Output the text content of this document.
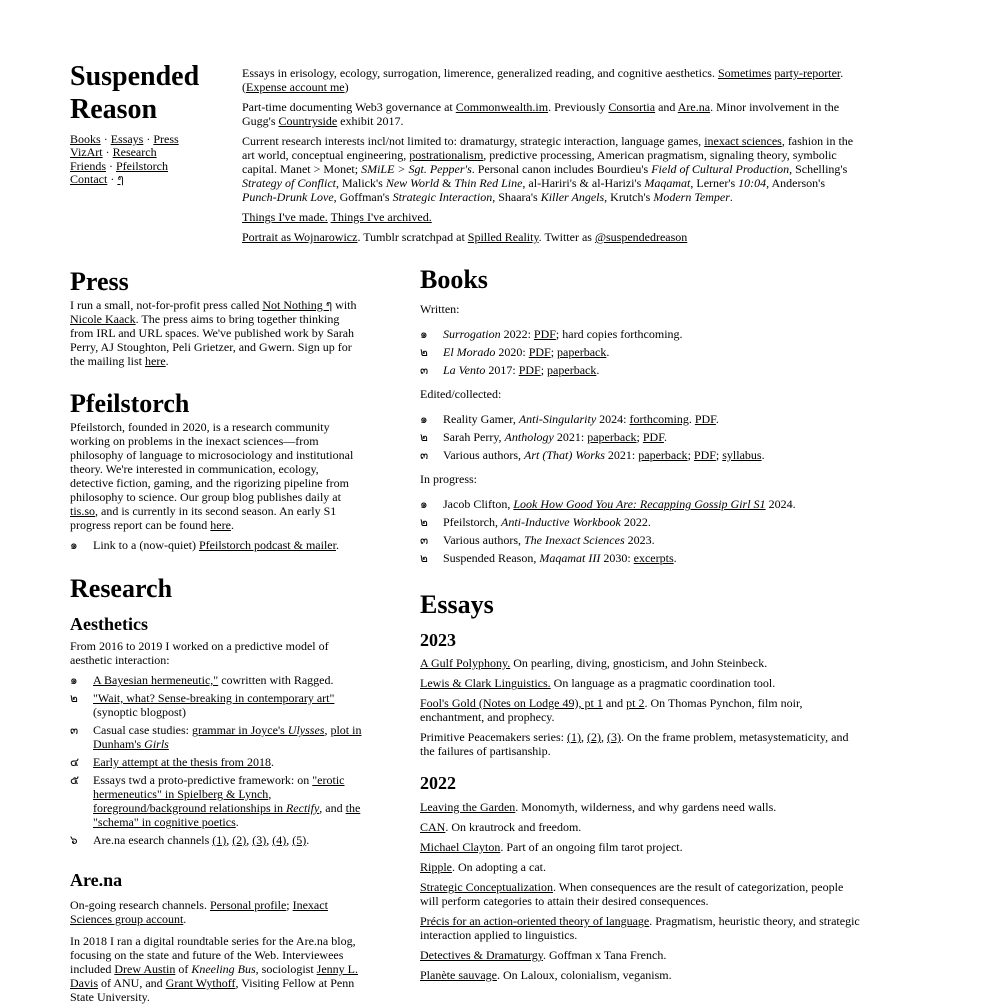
Suspended Reason
Books · Essays · Press
VizArt · Research
Friends · Pfeilstorch
Contact · ๆ

Essays in erisology, ecology, surrogation, limerence, generalized reading, and cognitive aesthetics. Sometimes party-reporter. (Expense account me)

Part-time documenting Web3 governance at Commonwealth.im. Previously Consortia and Are.na. Minor involvement in the Gugg's Countryside exhibit 2017.

Current research interests incl/not limited to: dramaturgy, strategic interaction, language games, inexact sciences, fashion in the art world, conceptual engineering, postrationalism, predictive processing, American pragmatism, signaling theory, symbolic capital. Manet > Monet; SMiLE > Sgt. Pepper's. Personal canon includes Bourdieu's Field of Cultural Production, Schelling's Strategy of Conflict, Malick's New World & Thin Red Line, al-Hariri's & al-Harizi's Maqamat, Lerner's 10:04, Anderson's Punch-Drunk Love, Goffman's Strategic Interaction, Shaara's Killer Angels, Krutch's Modern Temper.

Things I've made. Things I've archived.

Portrait as Wojnarowicz. Tumblr scratchpad at Spilled Reality. Twitter as @suspendedreason

Press

I run a small, not-for-profit press called Not Nothing ๆ with Nicole Kaack. The press aims to bring together thinking from IRL and URL spaces. We've published work by Sarah Perry, AJ Stoughton, Peli Grietzer, and Gwern. Sign up for the mailing list here.

Pfeilstorch

Pfeilstorch, founded in 2020, is a research community working on problems in the inexact sciences—from philosophy of language to microsociology and institutional theory. We're interested in communication, ecology, detective fiction, gaming, and the rigorizing pipeline from philosophy to science. Our group blog publishes daily at tis.so, and is currently in its second season. An early S1 progress report can be found here.

๑	Link to a (now-quiet) Pfeilstorch podcast & mailer.
Research
Aesthetics

From 2016 to 2019 I worked on a predictive model of aesthetic interaction:

๑	A Bayesian hermeneutic," cowritten with Ragged.
๒	"Wait, what? Sense-breaking in contemporary art" (synoptic blogpost)
๓	Casual case studies: grammar in Joyce's Ulysses, plot in Dunham's Girls
๔	Early attempt at the thesis from 2018.
๕	Essays twd a proto-predictive framework: on "erotic hermeneutics" in Spielberg & Lynch, foreground/background relationships in Rectify, and the "schema" in cognitive poetics.
๖	Are.na esearch channels (1), (2), (3), (4), (5).
Are.na

On-going research channels. Personal profile; Inexact Sciences group account.

In 2018 I ran a digital roundtable series for the Are.na blog, focusing on the state and future of the Web. Interviewees included Drew Austin of Kneeling Bus, sociologist Jenny L. Davis of ANU, and Grant Wythoff, Visiting Fellow at Penn State University.

Books

Written:

๑	Surrogation 2022: PDF; hard copies forthcoming.
๒	El Morado 2020: PDF; paperback.
๓	La Vento 2017: PDF; paperback.

Edited/collected:

๑	Reality Gamer, Anti-Singularity 2024: forthcoming. PDF.
๒	Sarah Perry, Anthology 2021: paperback; PDF.
๓	Various authors, Art (That) Works 2021: paperback; PDF; syllabus.

In progress:

๑	Jacob Clifton, Look How Good You Are: Recapping Gossip Girl S1 2024.
๒	Pfeilstorch, Anti-Inductive Workbook 2022.
๓	Various authors, The Inexact Sciences 2023.
๒	Suspended Reason, Maqamat III 2030: excerpts.
Essays
2023

A Gulf Polyphony. On pearling, diving, gnosticism, and John Steinbeck.

Lewis & Clark Linguistics. On language as a pragmatic coordination tool.

Fool's Gold (Notes on Lodge 49), pt 1 and pt 2. On Thomas Pynchon, film noir, enchantment, and prophecy.

Primitive Peacemakers series: (1), (2), (3). On the frame problem, metasystematicity, and the failures of partisanship.

2022

Leaving the Garden. Monomyth, wilderness, and why gardens need walls.

CAN. On krautrock and freedom.

Michael Clayton. Part of an ongoing film tarot project.

Ripple. On adopting a cat.

Strategic Conceptualization. When consequences are the result of categorization, people will perform categories to attain their desired consequences.

Précis for an action-oriented theory of language. Pragmatism, heuristic theory, and strategic interaction applied to linguistics.

Detectives & Dramaturgy. Goffman x Tana French.

Planète sauvage. On Laloux, colonialism, veganism.
